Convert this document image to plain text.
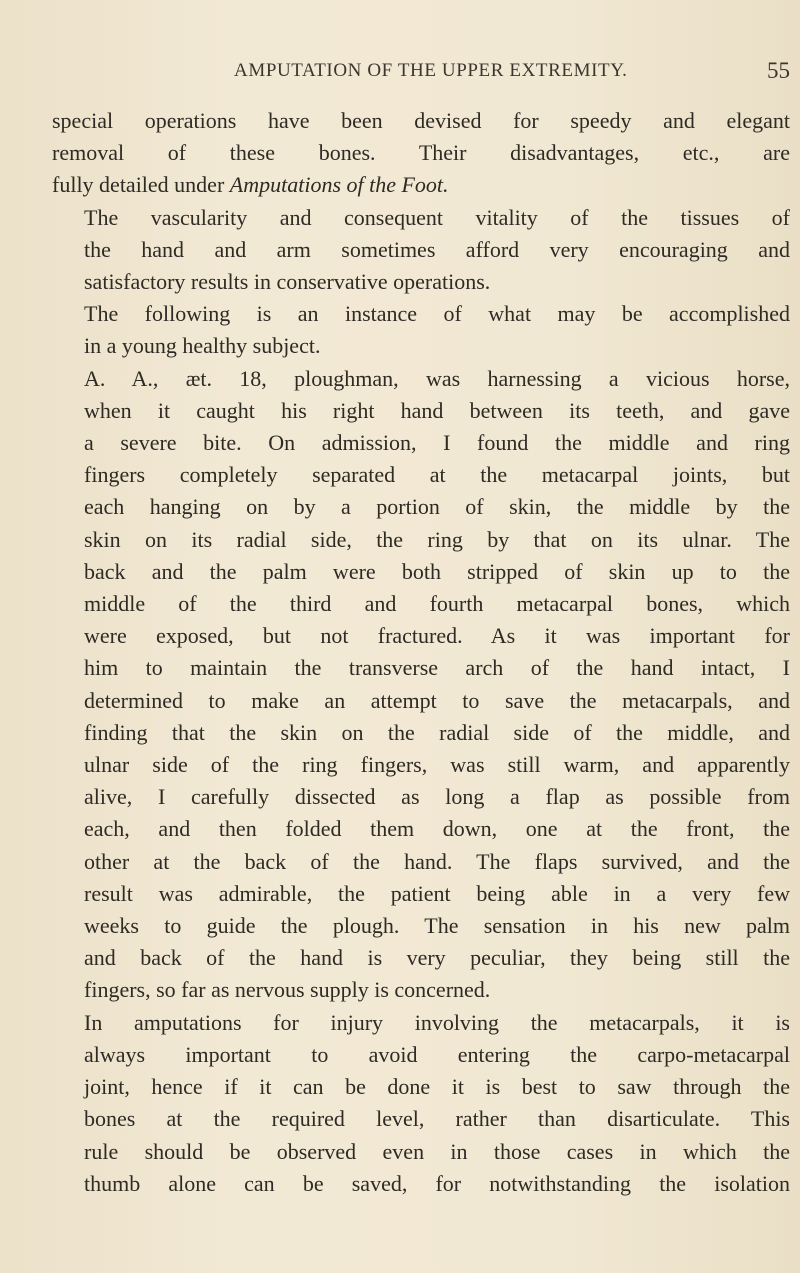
AMPUTATION OF THE UPPER EXTREMITY.	55

special operations have been devised for speedy and elegant
removal of these bones. Their disadvantages, etc., are
fully detailed under Amputations of the Foot.

The vascularity and consequent vitality of the tissues of
the hand and arm sometimes afford very encouraging and
satisfactory results in conservative operations.

The following is an instance of what may be accomplished
in a young healthy subject.

A. A., æt. 18, ploughman, was harnessing a vicious horse,
when it caught his right hand between its teeth, and gave
a severe bite. On admission, I found the middle and ring
fingers completely separated at the metacarpal joints, but
each hanging on by a portion of skin, the middle by the
skin on its radial side, the ring by that on its ulnar. The
back and the palm were both stripped of skin up to the
middle of the third and fourth metacarpal bones, which
were exposed, but not fractured. As it was important for
him to maintain the transverse arch of the hand intact, I
determined to make an attempt to save the metacarpals, and
finding that the skin on the radial side of the middle, and
ulnar side of the ring fingers, was still warm, and apparently
alive, I carefully dissected as long a flap as possible from
each, and then folded them down, one at the front, the
other at the back of the hand. The flaps survived, and the
result was admirable, the patient being able in a very few
weeks to guide the plough. The sensation in his new palm
and back of the hand is very peculiar, they being still the
fingers, so far as nervous supply is concerned.

In amputations for injury involving the metacarpals, it is
always important to avoid entering the carpo-metacarpal
joint, hence if it can be done it is best to saw through the
bones at the required level, rather than disarticulate. This
rule should be observed even in those cases in which the
thumb alone can be saved, for notwithstanding the isolation
